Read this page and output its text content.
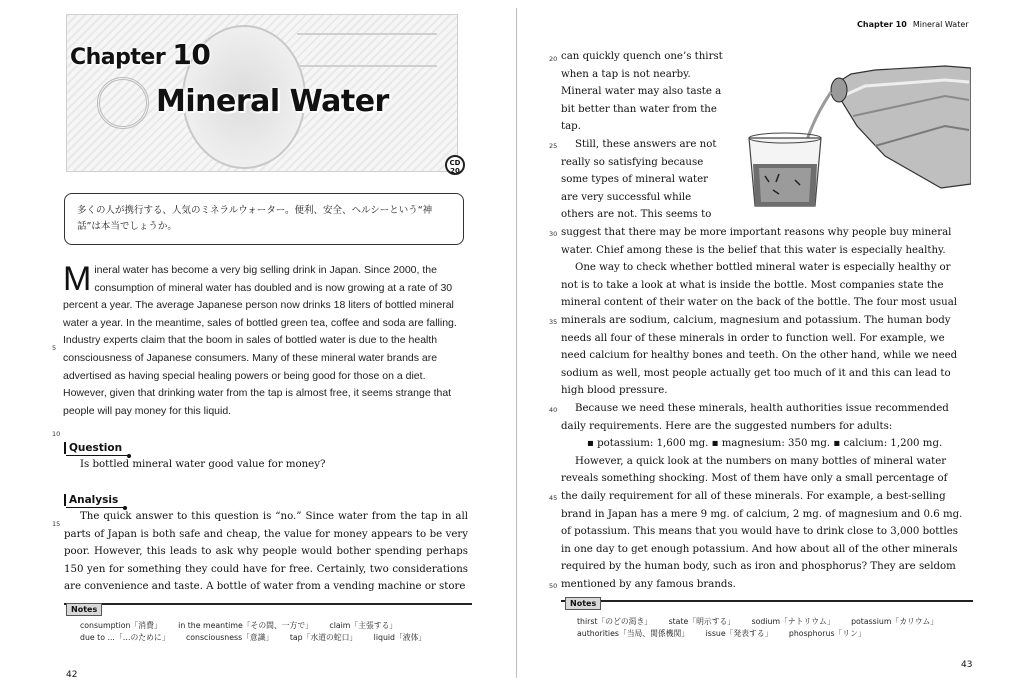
Chapter 10
Mineral Water
CD
20
多くの人が携行する、人気のミネラルウォーター。便利、安全、ヘルシーという“神話”は本当でしょうか。
M ineral water has become a very big selling drink in Japan. Since 2000, the consumption of mineral water has doubled and is now growing at a rate of 30 percent a year. The average Japanese person now drinks 18 liters of bottled mineral water a year. In the meantime, sales of bottled green tea, coffee and soda are falling. Industry experts claim that the boom in sales of bottled water is due to the health consciousness of Japanese consumers. Many of these mineral water brands are advertised as having special healing powers or being good for those on a diet. However, given that drinking water from the tap is almost free, it seems strange that people will pay money for this liquid.

5
10
Question
Is bottled mineral water good value for money?
Analysis
15
The quick answer to this question is “no.” Since water from the tap in all parts of Japan is both safe and cheap, the value for money appears to be very poor. However, this leads to ask why people would bother spending perhaps 150 yen for something they could have for free. Certainly, two considerations are convenience and taste. A bottle of water from a vending machine or store
Notes
consumption「消費」 in the meantime「その間、一方で」 claim「主張する」
due to ...「…のために」 consciousness「意識」 tap「水道の蛇口」 liquid「液体」
42
Chapter 10 Mineral Water
20
25
30
35
40
45
50

can quickly quench one’s thirst

when a tap is not nearby.

Mineral water may also taste a

bit better than water from the

tap.

Still, these answers are not

really so satisfying because

some types of mineral water

are very successful while

others are not. This seems to

suggest that there may be more important reasons why people buy mineral

water. Chief among these is the belief that this water is especially healthy.

One way to check whether bottled mineral water is especially healthy or

not is to take a look at what is inside the bottle. Most companies state the

mineral content of their water on the back of the bottle. The four most usual

minerals are sodium, calcium, magnesium and potassium. The human body

needs all four of these minerals in order to function well. For example, we

need calcium for healthy bones and teeth. On the other hand, while we need

sodium as well, most people actually get too much of it and this can lead to

high blood pressure.

Because we need these minerals, health authorities issue recommended

daily requirements. Here are the suggested numbers for adults:

▪ potassium: 1,600 mg. ▪ magnesium: 350 mg. ▪ calcium: 1,200 mg.

However, a quick look at the numbers on many bottles of mineral water

reveals something shocking. Most of them have only a small percentage of

the daily requirement for all of these minerals. For example, a best-selling

brand in Japan has a mere 9 mg. of calcium, 2 mg. of magnesium and 0.6 mg.

of potassium. This means that you would have to drink close to 3,000 bottles

in one day to get enough potassium. And how about all of the other minerals

required by the human body, such as iron and phosphorus? They are seldom

mentioned by any famous brands.

Notes
thirst「のどの渇き」 state「明示する」 sodium「ナトリウム」 potassium「カリウム」
authorities「当局、関係機関」 issue「発表する」 phosphorus「リン」
43
